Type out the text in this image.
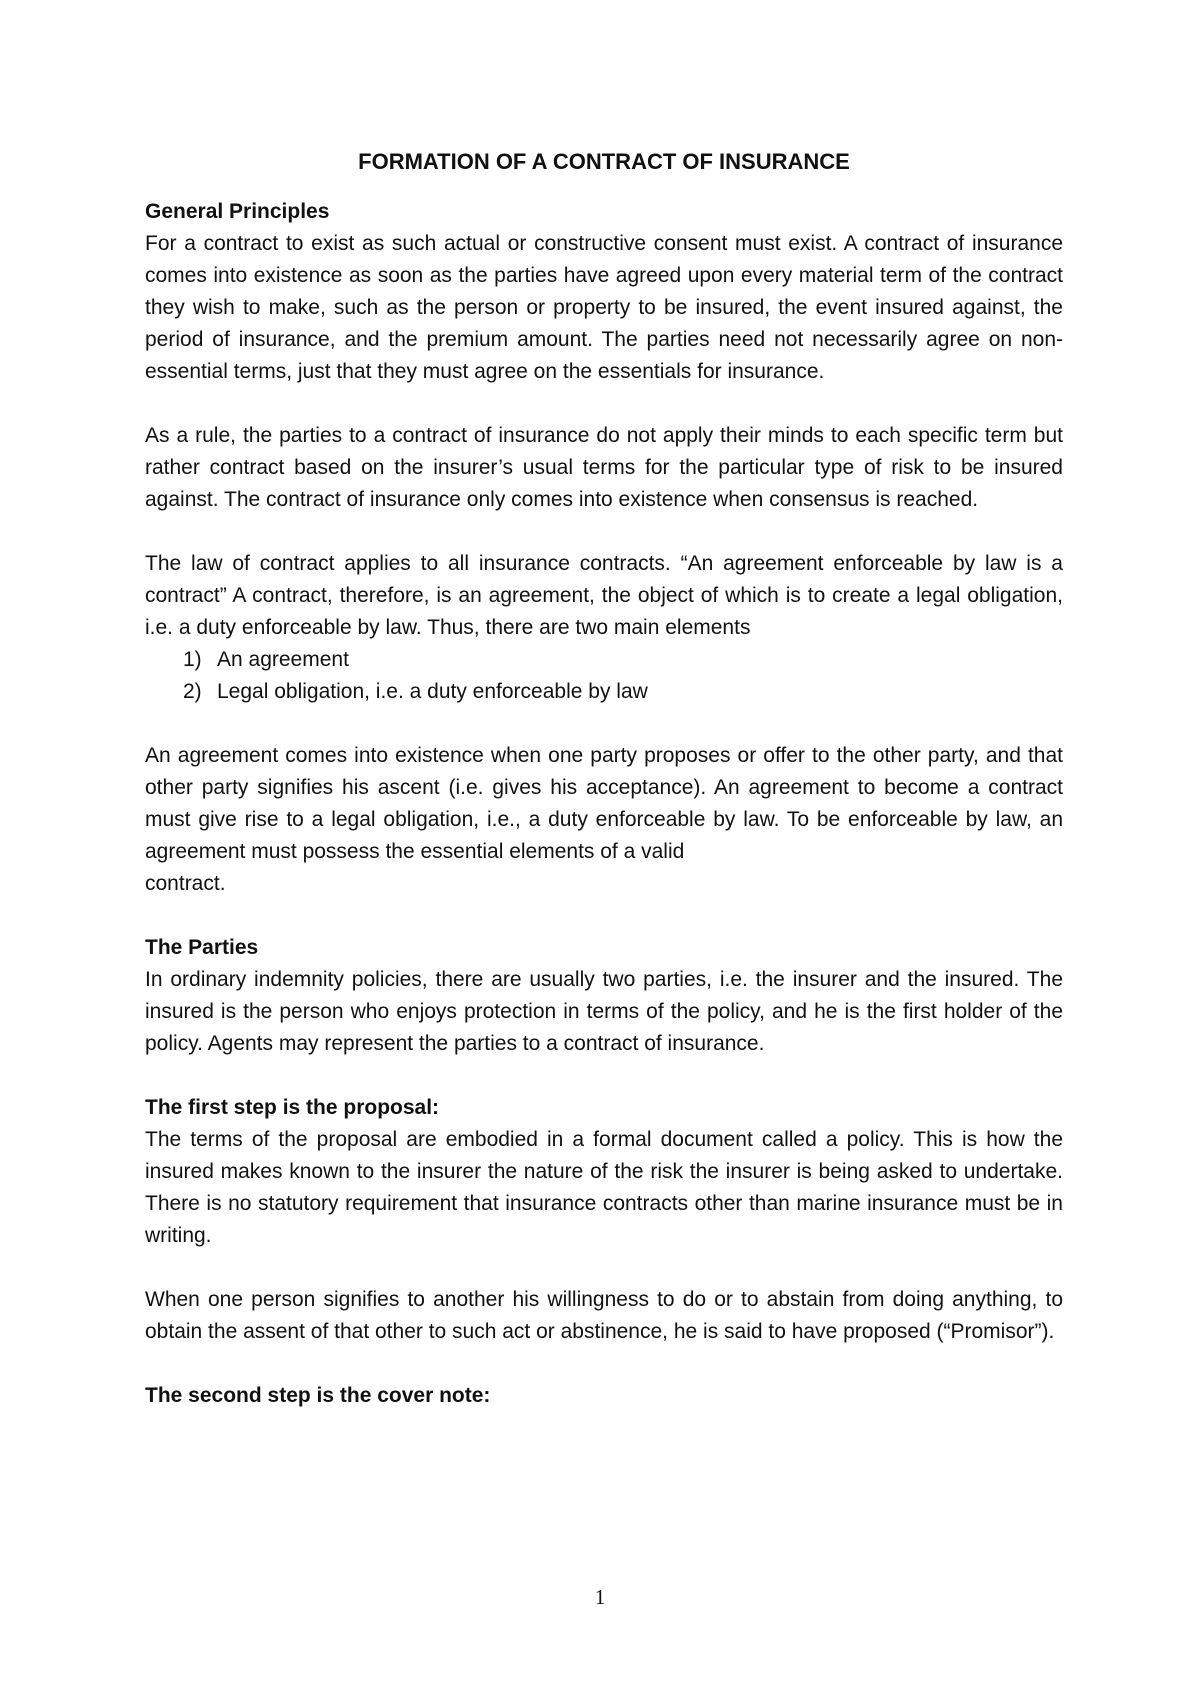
FORMATION OF A CONTRACT OF INSURANCE
General Principles

For a contract to exist as such actual or constructive consent must exist. A contract of insurance comes into existence as soon as the parties have agreed upon every material term of the contract they wish to make, such as the person or property to be insured, the event insured against, the period of insurance, and the premium amount. The parties need not necessarily agree on non-essential terms, just that they must agree on the essentials for insurance.

As a rule, the parties to a contract of insurance do not apply their minds to each specific term but rather contract based on the insurer’s usual terms for the particular type of risk to be insured against. The contract of insurance only comes into existence when consensus is reached.

The law of contract applies to all insurance contracts. “An agreement enforceable by law is a contract” A contract, therefore, is an agreement, the object of which is to create a legal obligation, i.e. a duty enforceable by law. Thus, there are two main elements

1) An agreement
2) Legal obligation, i.e. a duty enforceable by law

An agreement comes into existence when one party proposes or offer to the other party, and that other party signifies his ascent (i.e. gives his acceptance). An agreement to become a contract must give rise to a legal obligation, i.e., a duty enforceable by law. To be enforceable by law, an agreement must possess the essential elements of a valid
contract.

The Parties

In ordinary indemnity policies, there are usually two parties, i.e. the insurer and the insured. The insured is the person who enjoys protection in terms of the policy, and he is the first holder of the policy. Agents may represent the parties to a contract of insurance.

The first step is the proposal:

The terms of the proposal are embodied in a formal document called a policy. This is how the insured makes known to the insurer the nature of the risk the insurer is being asked to undertake. There is no statutory requirement that insurance contracts other than marine insurance must be in writing.

When one person signifies to another his willingness to do or to abstain from doing anything, to obtain the assent of that other to such act or abstinence, he is said to have proposed (“Promisor”).

The second step is the cover note:
1
